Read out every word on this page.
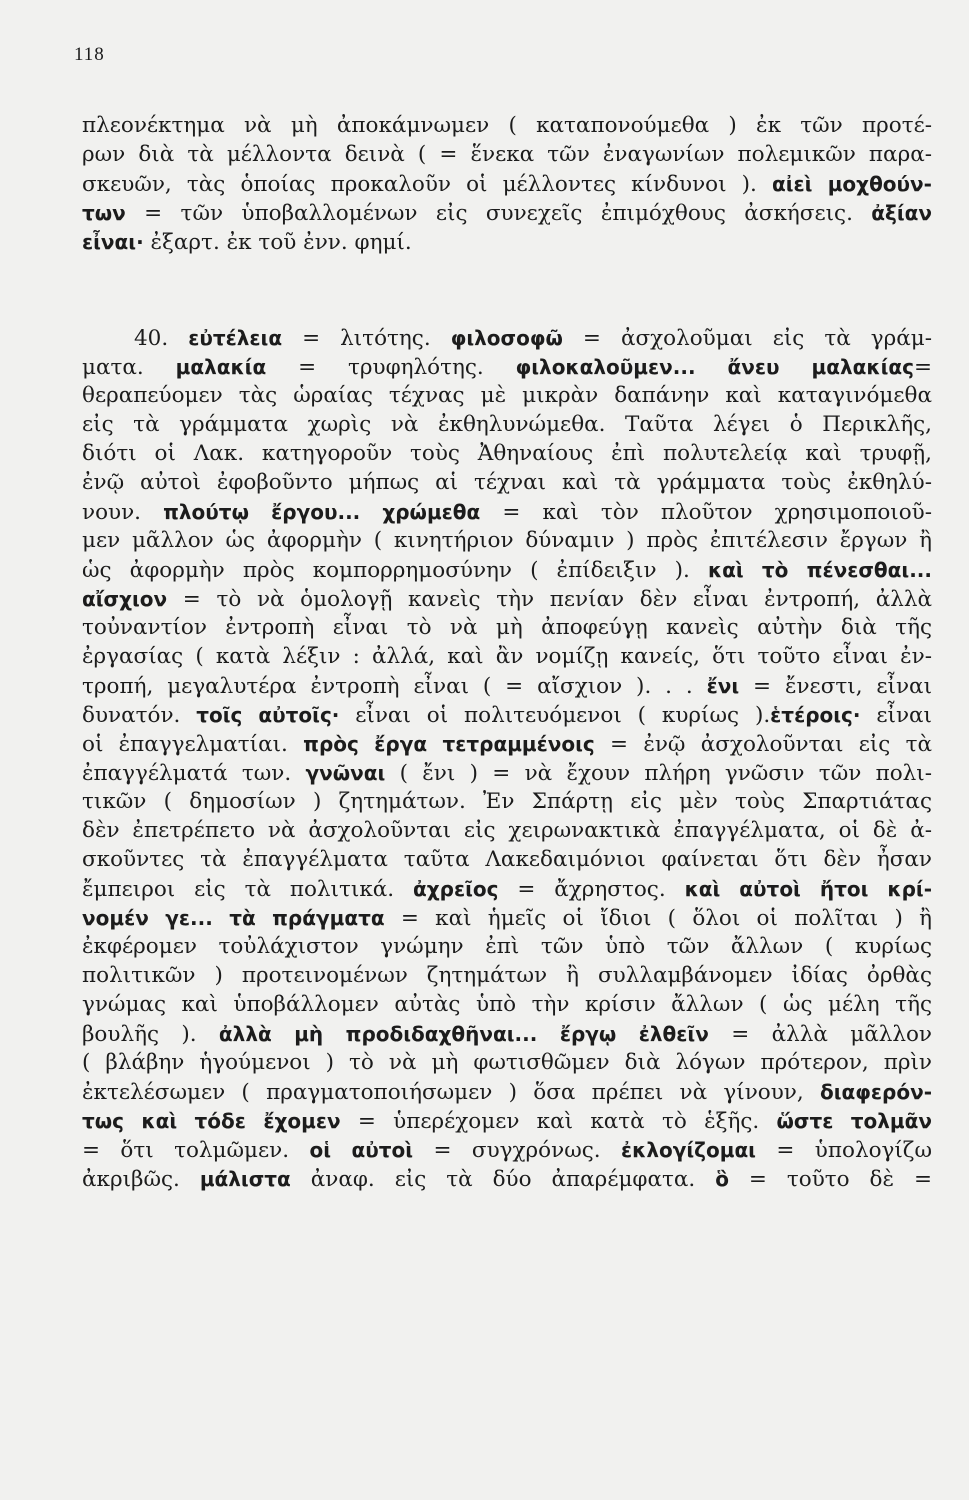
118
πλεονέκτημα νὰ μὴ ἀποκάμνωμεν ( καταπονούμεθα ) ἐκ τῶν προτέ-
ρων διὰ τὰ μέλλοντα δεινὰ ( = ἕνεκα τῶν ἐναγωνίων πολεμικῶν παρα-
σκευῶν, τὰς ὁποίας προκαλοῦν οἱ μέλλοντες κίνδυνοι ). αἰεὶ μοχθούν-
των = τῶν ὑποβαλλομένων εἰς συνεχεῖς ἐπιμόχθους ἀσκήσεις. ἀξίαν
εἶναι· ἐξαρτ. ἐκ τοῦ ἐνν. φημί.
40. εὐτέλεια = λιτότης. φιλοσοφῶ = ἀσχολοῦμαι εἰς τὰ γράμ-
ματα. μαλακία = τρυφηλότης. φιλοκαλοῦμεν... ἄνευ μαλακίας=
θεραπεύομεν τὰς ὡραίας τέχνας μὲ μικρὰν δαπάνην καὶ καταγινόμεθα
εἰς τὰ γράμματα χωρὶς νὰ ἐκθηλυνώμεθα. Ταῦτα λέγει ὁ Περικλῆς,
διότι οἱ Λακ. κατηγοροῦν τοὺς Ἀθηναίους ἐπὶ πολυτελείᾳ καὶ τρυφῇ,
ἐνῷ αὐτοὶ ἐφοβοῦντο μήπως αἱ τέχναι καὶ τὰ γράμματα τοὺς ἐκθηλύ-
νουν. πλούτῳ ἔργου... χρώμεθα = καὶ τὸν πλοῦτον χρησιμοποιοῦ-
μεν μᾶλλον ὡς ἀφορμὴν ( κινητήριον δύναμιν ) πρὸς ἐπιτέλεσιν ἔργων ἢ
ὡς ἀφορμὴν πρὸς κομπορρημοσύνην ( ἐπίδειξιν ). καὶ τὸ πένεσθαι...
αἴσχιον = τὸ νὰ ὁμολογῇ κανεὶς τὴν πενίαν δὲν εἶναι ἐντροπή, ἀλλὰ
τοὐναντίον ἐντροπὴ εἶναι τὸ νὰ μὴ ἀποφεύγῃ κανεὶς αὐτὴν διὰ τῆς
ἐργασίας ( κατὰ λέξιν : ἀλλά, καὶ ἂν νομίζῃ κανείς, ὅτι τοῦτο εἶναι ἐν-
τροπή, μεγαλυτέρα ἐντροπὴ εἶναι ( = αἴσχιον ). . . ἔνι = ἔνεστι, εἶναι
δυνατόν. τοῖς αὐτοῖς· εἶναι οἱ πολιτευόμενοι ( κυρίως ).ἑτέροις· εἶναι
οἱ ἐπαγγελματίαι. πρὸς ἔργα τετραμμένοις = ἐνῷ ἀσχολοῦνται εἰς τὰ
ἐπαγγέλματά των. γνῶναι ( ἔνι ) = νὰ ἔχουν πλήρη γνῶσιν τῶν πολι-
τικῶν ( δημοσίων ) ζητημάτων. Ἐν Σπάρτῃ εἰς μὲν τοὺς Σπαρτιάτας
δὲν ἐπετρέπετο νὰ ἀσχολοῦνται εἰς χειρωνακτικὰ ἐπαγγέλματα, οἱ δὲ ἀ-
σκοῦντες τὰ ἐπαγγέλματα ταῦτα Λακεδαιμόνιοι φαίνεται ὅτι δὲν ἦσαν
ἔμπειροι εἰς τὰ πολιτικά. ἀχρεῖος = ἄχρηστος. καὶ αὐτοὶ ἤτοι κρί-
νομέν γε... τὰ πράγματα = καὶ ἡμεῖς οἱ ἴδιοι ( ὅλοι οἱ πολῖται ) ἢ
ἐκφέρομεν τοὐλάχιστον γνώμην ἐπὶ τῶν ὑπὸ τῶν ἄλλων ( κυρίως
πολιτικῶν ) προτεινομένων ζητημάτων ἢ συλλαμβάνομεν ἰδίας ὀρθὰς
γνώμας καὶ ὑποβάλλομεν αὐτὰς ὑπὸ τὴν κρίσιν ἄλλων ( ὡς μέλη τῆς
βουλῆς ). ἀλλὰ μὴ προδιδαχθῆναι... ἔργῳ ἐλθεῖν = ἀλλὰ μᾶλλον
( βλάβην ἡγούμενοι ) τὸ νὰ μὴ φωτισθῶμεν διὰ λόγων πρότερον, πρὶν
ἐκτελέσωμεν ( πραγματοποιήσωμεν ) ὅσα πρέπει νὰ γίνουν, διαφερόν-
τως καὶ τόδε ἔχομεν = ὑπερέχομεν καὶ κατὰ τὸ ἑξῆς. ὥστε τολμᾶν
= ὅτι τολμῶμεν. οἱ αὐτοὶ = συγχρόνως. ἐκλογίζομαι = ὑπολογίζω
ἀκριβῶς. μάλιστα ἀναφ. εἰς τὰ δύο ἀπαρέμφατα. ὃ = τοῦτο δὲ =
